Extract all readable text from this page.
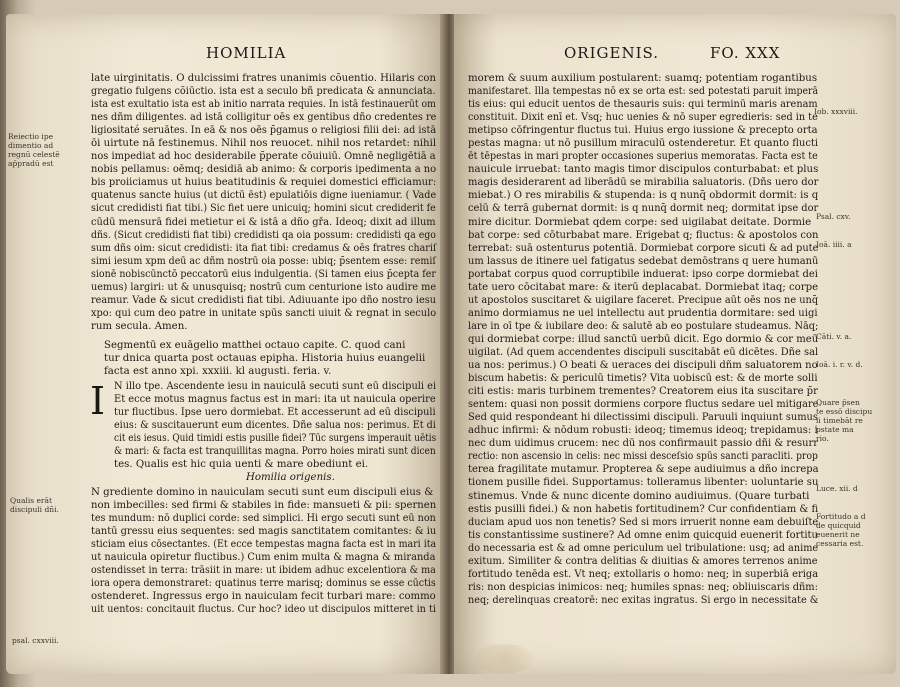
HOMILIA
Reiectio ipe
dimentio ad
regnū celestē
ap̄pradū est
Qualis erāt
discipuli dñi.
psal. cxxviii.
late uirginitatis. O dulcissimi fratres unanimis cõuentio. Hilaris con
gregatio fulgens cõiūctio. ista est a seculo bñ predicata & annunciata.
ista est exultatio ista est ab initio narrata requies. In istā festinauerūt om
nes dñm diligentes. ad istā colligitur oēs ex gentibus dño credentes re
ligiositaté seruātes. In eā & nos oēs p̄gamus o religiosi filii dei: ad istā
ōi uirtute nā festinemus. Nihil nos reuocet. nihil nos retardet: nihil
nos impediat ad hoc desiderabile p̄perate cōuiuiū. Omnē negligētiā a
nobis pellamus: oēmq; desidiā ab animo: & corporis ipedimenta a no
bis proiiciamus ut huius beatitudinis & requiei domestici efficiamur:
quatenus sancte huius (ut dictū ēst) epulatiōis digne iueniamur. ( Vade
sicut credidisti fiat tibi.) Sic fiet uere unicuiq; homini sicut crediderit fe
cūdū mensurā fidei metietur ei & istā a dño gřa. Ideoq; dixit ad illum
dñs. (Sicut credidisti fiat tibi) credidisti qa oia possum: credidisti qa ego
sum dñs oim: sicut credidisti: ita fiat tibi: credamus & oēs fratres chariſ
simi iesum xpm deū ac dñm nostrū oia posse: ubiq; p̄sentem esse: remiſ
sionē nobiscūnctō peccatorū eius indulgentia. (Si tamen eius p̄cepta fer
uemus) largiri: ut & unusquisq; nostrū cum centurione isto audire me
reamur. Vade & sicut credidisti fiat tibi. Adiuuante ipo dño nostro iesu
xpo: qui cum deo patre in unitate spūs sancti uiuit & regnat in seculo
rum secula. Amen.
Segmentū ex euāgelio matthei octauo capite. C. quod cani
tur dnica quarta post octauas epipha. Historia huius euangelii
facta est anno xpi. xxxiii. kl augusti. feria. v.
I N illo tpe. Ascendente iesu in nauiculā secuti sunt eū discipuli ei
Et ecce motus magnus factus est in mari: ita ut nauicula operire
tur fluctibus. Ipse uero dormiebat. Et accesserunt ad eū discipuli
eius: & suscitauerunt eum dicentes. Dñe salua nos: perimus. Et di
cit eis iesus. Quid timidi estis pusille fidei? Tūc surgens imperauit uētis
& mari: & facta est tranquillitas magna. Porro hoies mirati sunt dicen
tes. Qualis est hic quia uenti & mare obediunt ei.
Homilia origenis.
N grediente domino in nauiculam secuti sunt eum discipuli eius &
non imbecilles: sed firmi & stabiles in fide: mansueti & pii: spernen
tes mundum: nō duplici corde: sed simplici. Hi ergo secuti sunt eū non
tantū gressu eius sequentes: sed magis sanctitatem comitantes: & iu
sticiam eius cōsectantes. (Et ecce tempestas magna facta est in mari ita
ut nauicula opiretur fluctibus.) Cum enim multa & magna & miranda
ostendisset in terra: trāsiit in mare: ut ibidem adhuc excelentiora & ma
iora opera demonstraret: quatinus terre marisq; dominus se esse cūctis
ostenderet. Ingressus ergo in nauiculam fecit turbari mare: commo
uit uentos: concitauit fluctus. Cur hoc? ideo ut discipulos mitteret in ti
ORIGENIS.	FO. XXX
morem & suum auxilium postularent: suamq; potentiam rogantibus
manifestaret. Illa tempestas nō ex se orta est: sed potestati paruit imperā
tis eius: qui educit uentos de thesauris suis: qui terminū maris arenam
constituit. Dixit enī et. Vsq; huc uenies & nō super egredieris: sed in te
metipso cōfringentur fluctus tui. Huius ergo iussione & precepto orta
pestas magna: ut nō pusillum miraculū ostenderetur. Et quanto flucti
ēt tēpestas in mari propter occasiones superius memoratas. Facta est te
nauicule irruebat: tanto magis timor discipulos conturbabat: et plus
magis desiderarent ad liberādū se mirabilia saluatoris. (Dñs uero dor
miebat.) O res mirabilis & stupenda: is q nunq̄ obdormit dormit: is q
celū & terrā gubernat dormit: is q nunq̄ dormit neq; dormitat ipse dor
mire dicitur. Dormiebat qdem corpe: sed uigilabat deitate. Dormie
bat corpe: sed cōturbabat mare. Erigebat q; fluctus: & apostolos con
terrebat: suā ostenturus potentiā. Dormiebat corpore sicuti & ad pute
um lassus de itinere uel fatigatus sedebat demōstrans q uere humanū
portabat corpus quod corruptibile induerat: ipso corpe dormiebat dei
tate uero cōcitabat mare: & iterū deplacabat. Dormiebat itaq; corpe
ut apostolos suscitaret & uigilare faceret. Precipue aūt oēs nos ne unq̄
animo dormiamus ne uel intellectu aut prudentia dormitare: sed uigi
lare in oī tpe & iubilare deo: & salutē ab eo postulare studeamus. Nāq;
qui dormiebat corpe: illud sanctū uerbū dicit. Ego dormio & cor meū
uigilat. (Ad quem accendentes discipuli suscitabāt eū dicētes. Dñe sal
ua nos: perimus.) O beati & ueraces dei discipuli dñm saluatorem no
biscum habetis: & periculū timetis? Vita uobiscū est: & de morte solli
citi estis: maris turbinem trementes? Creatorem eius ita suscitare p̄r
sentem: quasi non possit dormiens corpore fluctus sedare uel mitigare
Sed quid respondeant hi dilectissimi discipuli. Paruuli inquiunt sumus
adhuc infirmi: & nōdum robusti: ideoq; timemus ideoq; trepidamus: i
nec dum uidimus crucem: nec dū nos confirmauit passio dñi & resurr
rectio: non ascensio in celis: nec missi desceſsio spūs sancti paracliti. prop
terea fragilitate mutamur. Propterea & sepe audiuimus a dño increpa
tionem pusille fidei. Supportamus: tolleramus libenter: uoluntarie su
stinemus. Vnde & nunc dicente domino audiuimus. (Quare turbati
estis pusilli fidei.) & non habetis fortitudinem? Cur confidentiam & fi
duciam apud uos non tenetis? Sed si mors irruerit nonne eam debuiſte
tis constantissime sustinere? Ad omne enim quicquid euenerit fortitu
do necessaria est & ad omne periculum uel tribulatione: usq; ad anime
exitum. Similiter & contra delitias & diuitias & amores terrenos anime
fortitudo tenēda est. Vt neq; extollaris o homo: neq; in superbiā eriga
ris: non despicias inimicos: neq; humiles spnas: neq; obliuiscaris dñm:
neq; derelinquas creatorē: nec exitas ingratus. Si ergo in necessitate &
Iob. xxxviii.
Psal. cxv.
Ioā. iiii. a
Cāti. v. a.
Ioā. i. r. v. d.
Quare p̄sen
te essō discipu
li timebāt re
pstate ma
rio.
Luce. xii. d
Fortitudo a d
de quicquid
euenerit ne
cessaria est.
